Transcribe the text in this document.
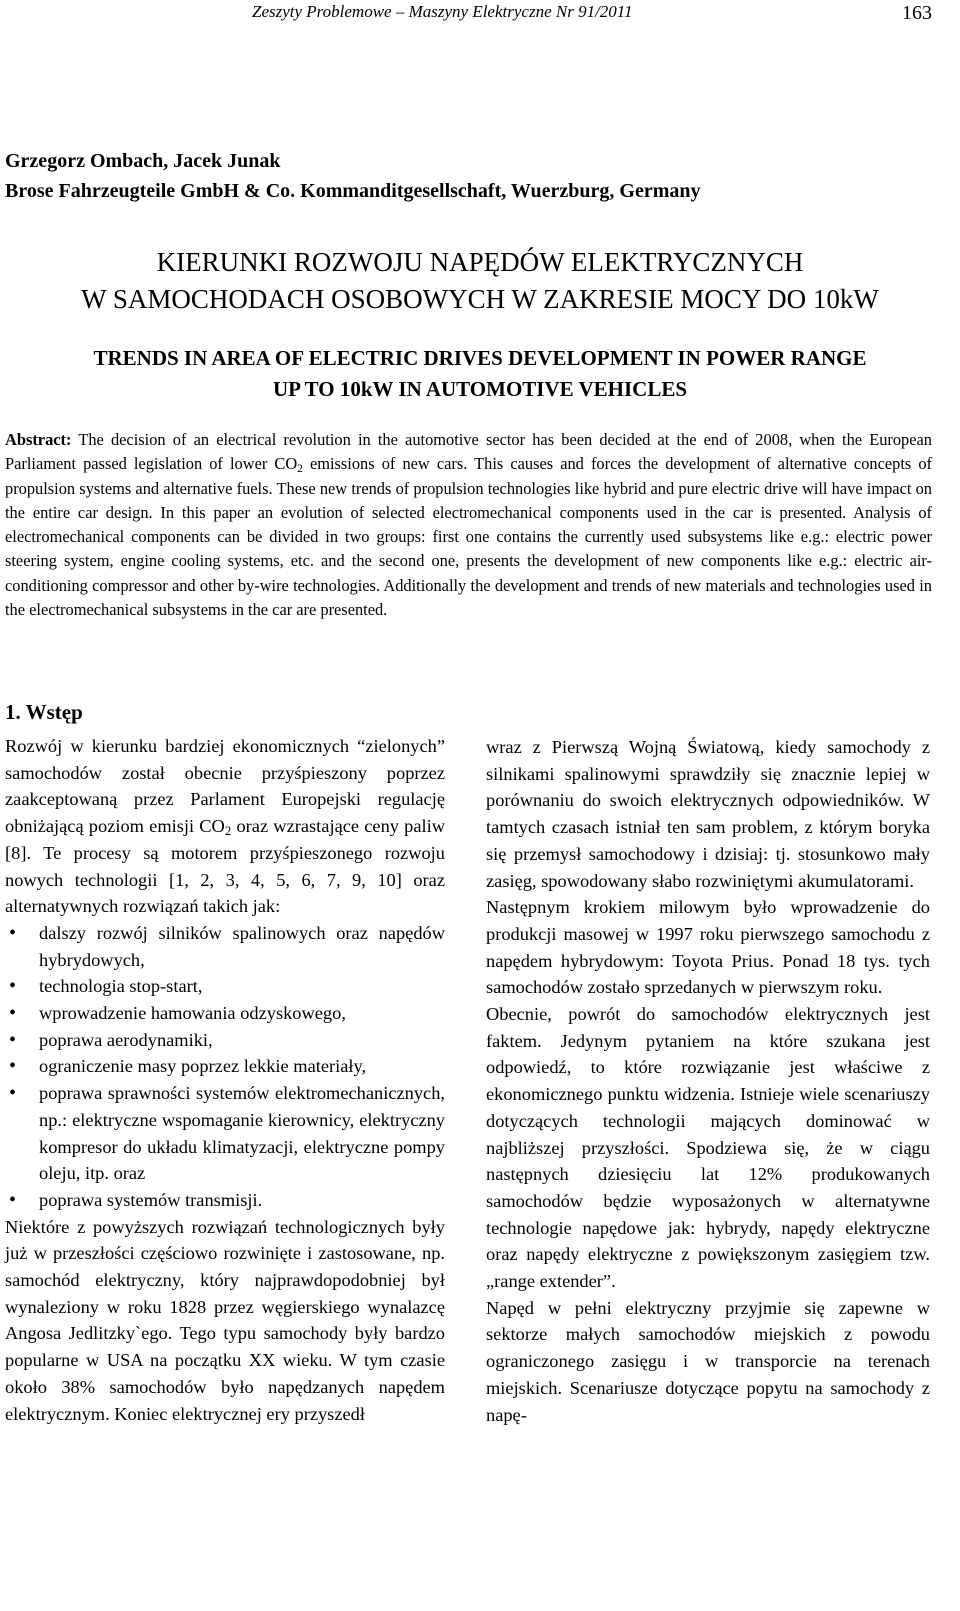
Zeszyty Problemowe – Maszyny Elektryczne Nr 91/2011	163
Grzegorz Ombach, Jacek Junak
Brose Fahrzeugteile GmbH & Co. Kommanditgesellschaft, Wuerzburg, Germany
KIERUNKI ROZWOJU NAPĘDÓW ELEKTRYCZNYCH
W SAMOCHODACH OSOBOWYCH W ZAKRESIE MOCY DO 10kW
TRENDS IN AREA OF ELECTRIC DRIVES DEVELOPMENT IN POWER RANGE
UP TO 10kW IN AUTOMOTIVE VEHICLES

Abstract: The decision of an electrical revolution in the automotive sector has been decided at the end of 2008, when the European Parliament passed legislation of lower $CO_2$ emissions of new cars. This causes and forces the development of alternative concepts of propulsion systems and alternative fuels. These new trends of propulsion technologies like hybrid and pure electric drive will have impact on the entire car design. In this paper an evolution of selected electromechanical components used in the car is presented. Analysis of electromechanical components can be divided in two groups: first one contains the currently used subsystems like e.g.: electric power steering system, engine cooling systems, etc. and the second one, presents the development of new components like e.g.: electric air-conditioning compressor and other by-wire technologies. Additionally the development and trends of new materials and technologies used in the electromechanical subsystems in the car are presented.

1. Wstęp

Rozwój w kierunku bardziej ekonomicznych “zielonych” samochodów został obecnie przyśpieszony poprzez zaakceptowaną przez Parlament Europejski regulację obniżającą poziom emisji $CO_2$ oraz wzrastające ceny paliw [8]. Te procesy są motorem przyśpieszonego rozwoju nowych technologii [1, 2, 3, 4, 5, 6, 7, 9, 10] oraz alternatywnych rozwiązań takich jak:

• dalszy rozwój silników spalinowych oraz napędów hybrydowych,
• technologia stop-start,
• wprowadzenie hamowania odzyskowego,
• poprawa aerodynamiki,
• ograniczenie masy poprzez lekkie materiały,
• poprawa sprawności systemów elektromechanicznych, np.: elektryczne wspomaganie kierownicy, elektryczny kompresor do układu klimatyzacji, elektryczne pompy oleju, itp. oraz
• poprawa systemów transmisji.

Niektóre z powyższych rozwiązań technologicznych były już w przeszłości częściowo rozwinięte i zastosowane, np. samochód elektryczny, który najprawdopodobniej był wynaleziony w roku 1828 przez węgierskiego wynalazcę Angosa Jedlitzky`ego. Tego typu samochody były bardzo popularne w USA na początku XX wieku. W tym czasie około 38% samochodów było napędzanych napędem elektrycznym. Koniec elektrycznej ery przyszedł

wraz z Pierwszą Wojną Światową, kiedy samochody z silnikami spalinowymi sprawdziły się znacznie lepiej w porównaniu do swoich elektrycznych odpowiedników. W tamtych czasach istniał ten sam problem, z którym boryka się przemysł samochodowy i dzisiaj: tj. stosunkowo mały zasięg, spowodowany słabo rozwiniętymi akumulatorami.

Następnym krokiem milowym było wprowadzenie do produkcji masowej w 1997 roku pierwszego samochodu z napędem hybrydowym: Toyota Prius. Ponad 18 tys. tych samochodów zostało sprzedanych w pierwszym roku.

Obecnie, powrót do samochodów elektrycznych jest faktem. Jedynym pytaniem na które szukana jest odpowiedź, to które rozwiązanie jest właściwe z ekonomicznego punktu widzenia. Istnieje wiele scenariuszy dotyczących technologii mających dominować w najbliższej przyszłości. Spodziewa się, że w ciągu następnych dziesięciu lat 12% produkowanych samochodów będzie wyposażonych w alternatywne technologie napędowe jak: hybrydy, napędy elektryczne oraz napędy elektryczne z powiększonym zasięgiem tzw. „range extender”.

Napęd w pełni elektryczny przyjmie się zapewne w sektorze małych samochodów miejskich z powodu ograniczonego zasięgu i w transporcie na terenach miejskich. Scenariusze dotyczące popytu na samochody z napę-
